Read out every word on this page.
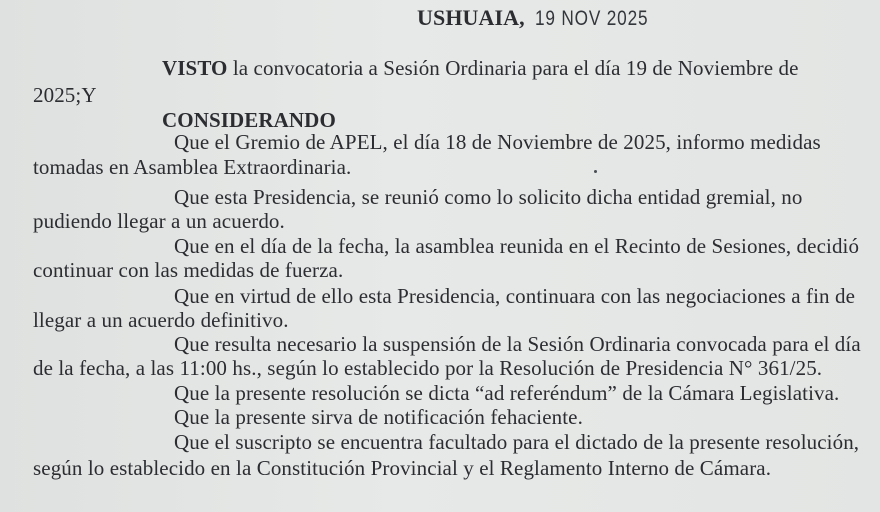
USHUAIA, 19 NOV 2025
VISTO la convocatoria a Sesión Ordinaria para el día 19 de Noviembre de
2025;Y
CONSIDERANDO
Que el Gremio de APEL, el día 18 de Noviembre de 2025, informo medidas
tomadas en Asamblea Extraordinaria.
Que esta Presidencia, se reunió como lo solicito dicha entidad gremial, no
pudiendo llegar a un acuerdo.
Que en el día de la fecha, la asamblea reunida en el Recinto de Sesiones, decidió
continuar con las medidas de fuerza.
Que en virtud de ello esta Presidencia, continuara con las negociaciones a fin de
llegar a un acuerdo definitivo.
Que resulta necesario la suspensión de la Sesión Ordinaria convocada para el día
de la fecha, a las 11:00 hs., según lo establecido por la Resolución de Presidencia N° 361/25.
Que la presente resolución se dicta “ad referéndum” de la Cámara Legislativa.
Que la presente sirva de notificación fehaciente.
Que el suscripto se encuentra facultado para el dictado de la presente resolución,
según lo establecido en la Constitución Provincial y el Reglamento Interno de Cámara.
